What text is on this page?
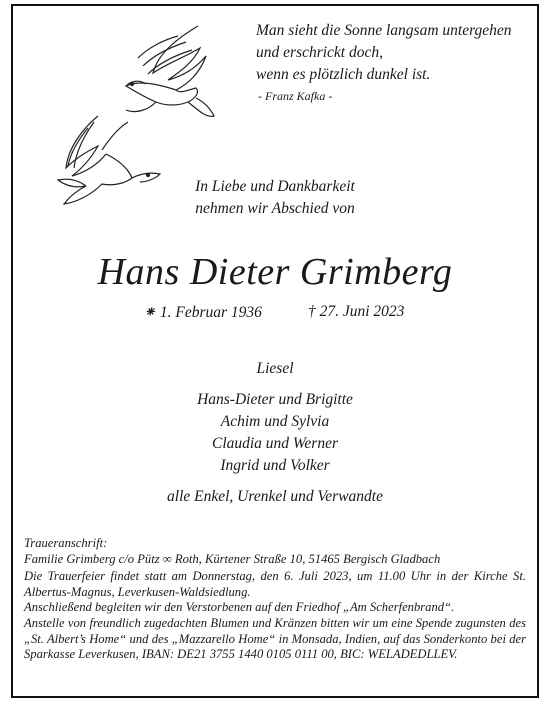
Man sieht die Sonne langsam untergehen
und erschrickt doch,
wenn es plötzlich dunkel ist.
- Franz Kafka -
In Liebe und Dankbarkeit
nehmen wir Abschied von
Hans Dieter Grimberg
⁕ 1. Februar 1936	† 27. Juni 2023
Liesel
Hans-Dieter und Brigitte
Achim und Sylvia
Claudia und Werner
Ingrid und Volker
alle Enkel, Urenkel und Verwandte
Traueranschrift:
Familie Grimberg c/o Pütz ∞ Roth, Kürtener Straße 10, 51465 Bergisch Gladbach
Die Trauerfeier findet statt am Donnerstag, den 6. Juli 2023, um 11.00 Uhr in der Kirche St. Albertus-Magnus, Leverkusen-Waldsiedlung.
Anschließend begleiten wir den Verstorbenen auf den Friedhof „Am Scherfenbrand“.
Anstelle von freundlich zugedachten Blumen und Kränzen bitten wir um eine Spende zugunsten des „St. Albert’s Home“ und des „Mazzarello Home“ in Monsada, Indien, auf das Sonderkonto bei der Sparkasse Leverkusen, IBAN: DE21 3755 1440 0105 0111 00, BIC: WELADEDLLEV.
